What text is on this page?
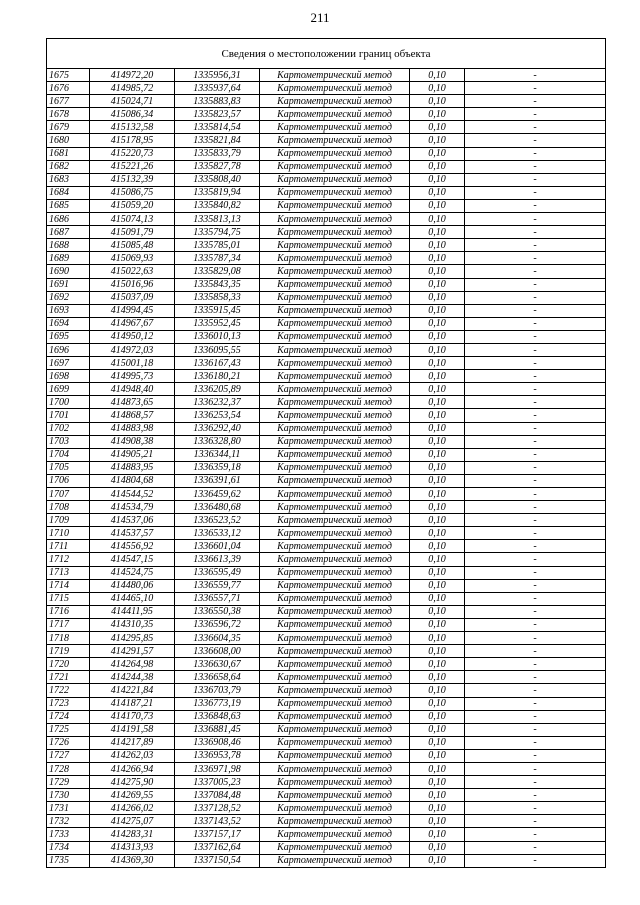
211
Сведения о местоположении границ объекта
1675	414972,20	1335956,31	Картометрический метод	0,10	-
1676	414985,72	1335937,64	Картометрический метод	0,10	-
1677	415024,71	1335883,83	Картометрический метод	0,10	-
1678	415086,34	1335823,57	Картометрический метод	0,10	-
1679	415132,58	1335814,54	Картометрический метод	0,10	-
1680	415178,95	1335821,84	Картометрический метод	0,10	-
1681	415220,73	1335833,79	Картометрический метод	0,10	-
1682	415221,26	1335827,78	Картометрический метод	0,10	-
1683	415132,39	1335808,40	Картометрический метод	0,10	-
1684	415086,75	1335819,94	Картометрический метод	0,10	-
1685	415059,20	1335840,82	Картометрический метод	0,10	-
1686	415074,13	1335813,13	Картометрический метод	0,10	-
1687	415091,79	1335794,75	Картометрический метод	0,10	-
1688	415085,48	1335785,01	Картометрический метод	0,10	-
1689	415069,93	1335787,34	Картометрический метод	0,10	-
1690	415022,63	1335829,08	Картометрический метод	0,10	-
1691	415016,96	1335843,35	Картометрический метод	0,10	-
1692	415037,09	1335858,33	Картометрический метод	0,10	-
1693	414994,45	1335915,45	Картометрический метод	0,10	-
1694	414967,67	1335952,45	Картометрический метод	0,10	-
1695	414950,12	1336010,13	Картометрический метод	0,10	-
1696	414972,03	1336095,55	Картометрический метод	0,10	-
1697	415001,18	1336167,43	Картометрический метод	0,10	-
1698	414995,73	1336180,21	Картометрический метод	0,10	-
1699	414948,40	1336205,89	Картометрический метод	0,10	-
1700	414873,65	1336232,37	Картометрический метод	0,10	-
1701	414868,57	1336253,54	Картометрический метод	0,10	-
1702	414883,98	1336292,40	Картометрический метод	0,10	-
1703	414908,38	1336328,80	Картометрический метод	0,10	-
1704	414905,21	1336344,11	Картометрический метод	0,10	-
1705	414883,95	1336359,18	Картометрический метод	0,10	-
1706	414804,68	1336391,61	Картометрический метод	0,10	-
1707	414544,52	1336459,62	Картометрический метод	0,10	-
1708	414534,79	1336480,68	Картометрический метод	0,10	-
1709	414537,06	1336523,52	Картометрический метод	0,10	-
1710	414537,57	1336533,12	Картометрический метод	0,10	-
1711	414556,92	1336601,04	Картометрический метод	0,10	-
1712	414547,15	1336613,39	Картометрический метод	0,10	-
1713	414524,75	1336595,49	Картометрический метод	0,10	-
1714	414480,06	1336559,77	Картометрический метод	0,10	-
1715	414465,10	1336557,71	Картометрический метод	0,10	-
1716	414411,95	1336550,38	Картометрический метод	0,10	-
1717	414310,35	1336596,72	Картометрический метод	0,10	-
1718	414295,85	1336604,35	Картометрический метод	0,10	-
1719	414291,57	1336608,00	Картометрический метод	0,10	-
1720	414264,98	1336630,67	Картометрический метод	0,10	-
1721	414244,38	1336658,64	Картометрический метод	0,10	-
1722	414221,84	1336703,79	Картометрический метод	0,10	-
1723	414187,21	1336773,19	Картометрический метод	0,10	-
1724	414170,73	1336848,63	Картометрический метод	0,10	-
1725	414191,58	1336881,45	Картометрический метод	0,10	-
1726	414217,89	1336908,46	Картометрический метод	0,10	-
1727	414262,03	1336953,78	Картометрический метод	0,10	-
1728	414266,94	1336971,98	Картометрический метод	0,10	-
1729	414275,90	1337005,23	Картометрический метод	0,10	-
1730	414269,55	1337084,48	Картометрический метод	0,10	-
1731	414266,02	1337128,52	Картометрический метод	0,10	-
1732	414275,07	1337143,52	Картометрический метод	0,10	-
1733	414283,31	1337157,17	Картометрический метод	0,10	-
1734	414313,93	1337162,64	Картометрический метод	0,10	-
1735	414369,30	1337150,54	Картометрический метод	0,10	-
